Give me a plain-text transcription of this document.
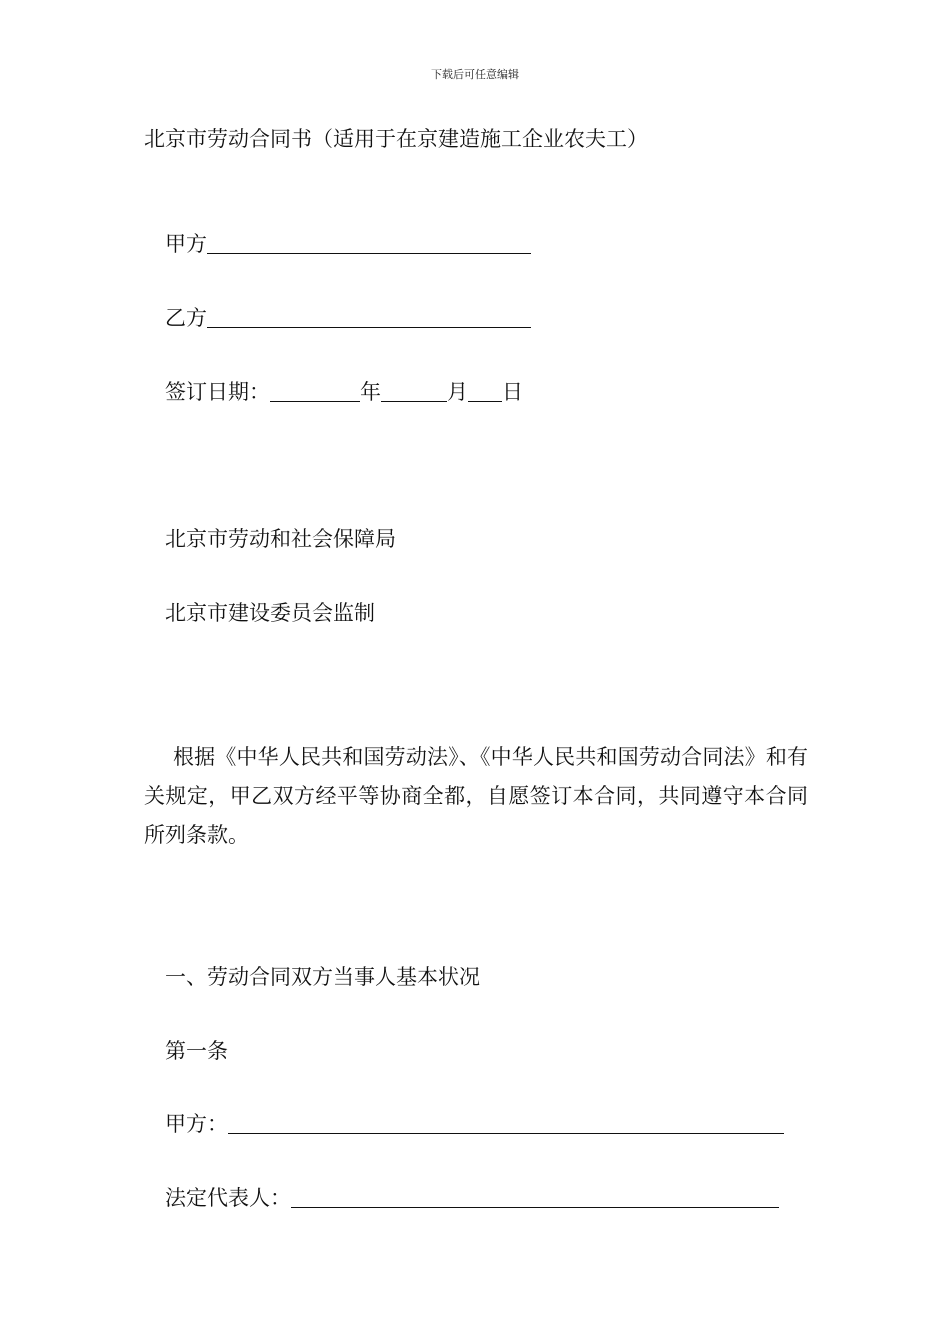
下载后可任意编辑
北京市劳动合同书（适用于在京建造施工企业农夫工）
甲方
乙方
签订日期：	年	月 日
北京市劳动和社会保障局
北京市建设委员会监制
根据《中华人民共和国劳动法》、《中华人民共和国劳动合同法》和有关规定，甲乙双方经平等协商全都，自愿签订本合同，共同遵守本合同所列条款。
一、劳动合同双方当事人基本状况
第一条
甲方：
法定代表人：
